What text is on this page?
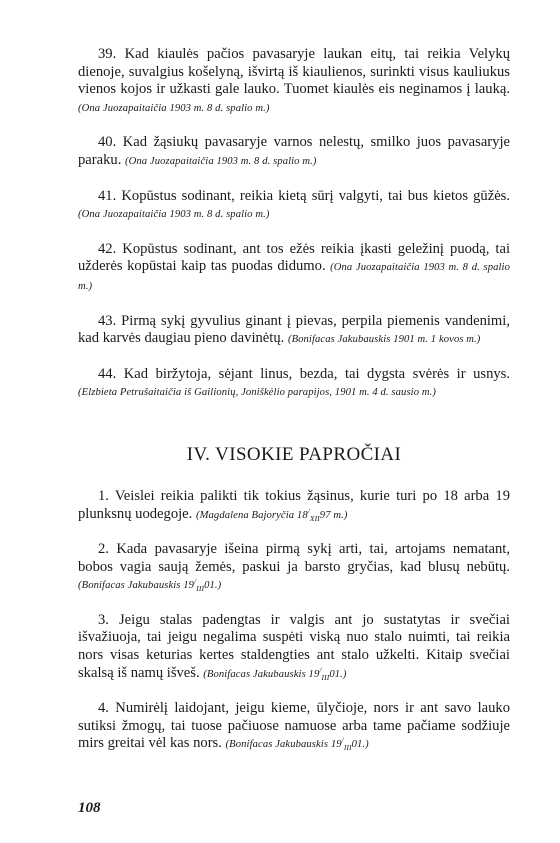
39. Kad kiaulės pačios pavasaryje laukan eitų, tai reikia Velykų dienoje, suvalgius košelyną, išvirtą iš kiaulienos, surinkti visus kauliukus vienos kojos ir užkasti gale lauko. Tuomet kiaulės eis neginamos į lauką. (Ona Juozapaitaičia 1903 m. 8 d. spalio m.)

40. Kad žąsiukų pavasaryje varnos nelestų, smilko juos pavasaryje paraku. (Ona Juozapaitaičia 1903 m. 8 d. spalio m.)

41. Kopūstus sodinant, reikia kietą sūrį valgyti, tai bus kietos gūžės. (Ona Juozapaitaičia 1903 m. 8 d. spalio m.)

42. Kopūstus sodinant, ant tos ežės reikia įkasti geležinį puodą, tai užderės kopūstai kaip tas puodas didumo. (Ona Juozapaitaičia 1903 m. 8 d. spalio m.)

43. Pirmą sykį gyvulius ginant į pievas, perpila piemenis vandenimi, kad karvės daugiau pieno davinėtų. (Bonifacas Jakubauskis 1901 m. 1 kovos m.)

44. Kad biržytoja, sėjant linus, bezda, tai dygsta svėrės ir usnys. (Elzbieta Petrušaitaičia iš Gailionių, Joniškėlio parapijos, 1901 m. 4 d. sausio m.)

IV. VISOKIE PAPROČIAI

1. Veislei reikia palikti tik tokius žąsinus, kurie turi po 18 arba 19 plunksnų uodegoje. (Magdalena Bajoryčia $18^/_{XII}97$ m.)

2. Kada pavasaryje išeina pirmą sykį arti, tai, artojams nematant, bobos vagia saują žemės, paskui ja barsto gryčias, kad blusų nebūtų. (Bonifacas Jakubauskis $19^/_{III}01$.)

3. Jeigu stalas padengtas ir valgis ant jo sustatytas ir svečiai išvažiuoja, tai jeigu negalima suspėti viską nuo stalo nuimti, tai reikia nors visas keturias kertes staldengties ant stalo užkelti. Kitaip svečiai skalsą iš namų išveš. (Bonifacas Jakubauskis $19^/_{III}01$.)

4. Numirėlį laidojant, jeigu kieme, ūlyčioje, nors ir ant savo lauko sutiksi žmogų, tai tuose pačiuose namuose arba tame pačiame sodžiuje mirs greitai vėl kas nors. (Bonifacas Jakubauskis $19^/_{III}01$.)

108
